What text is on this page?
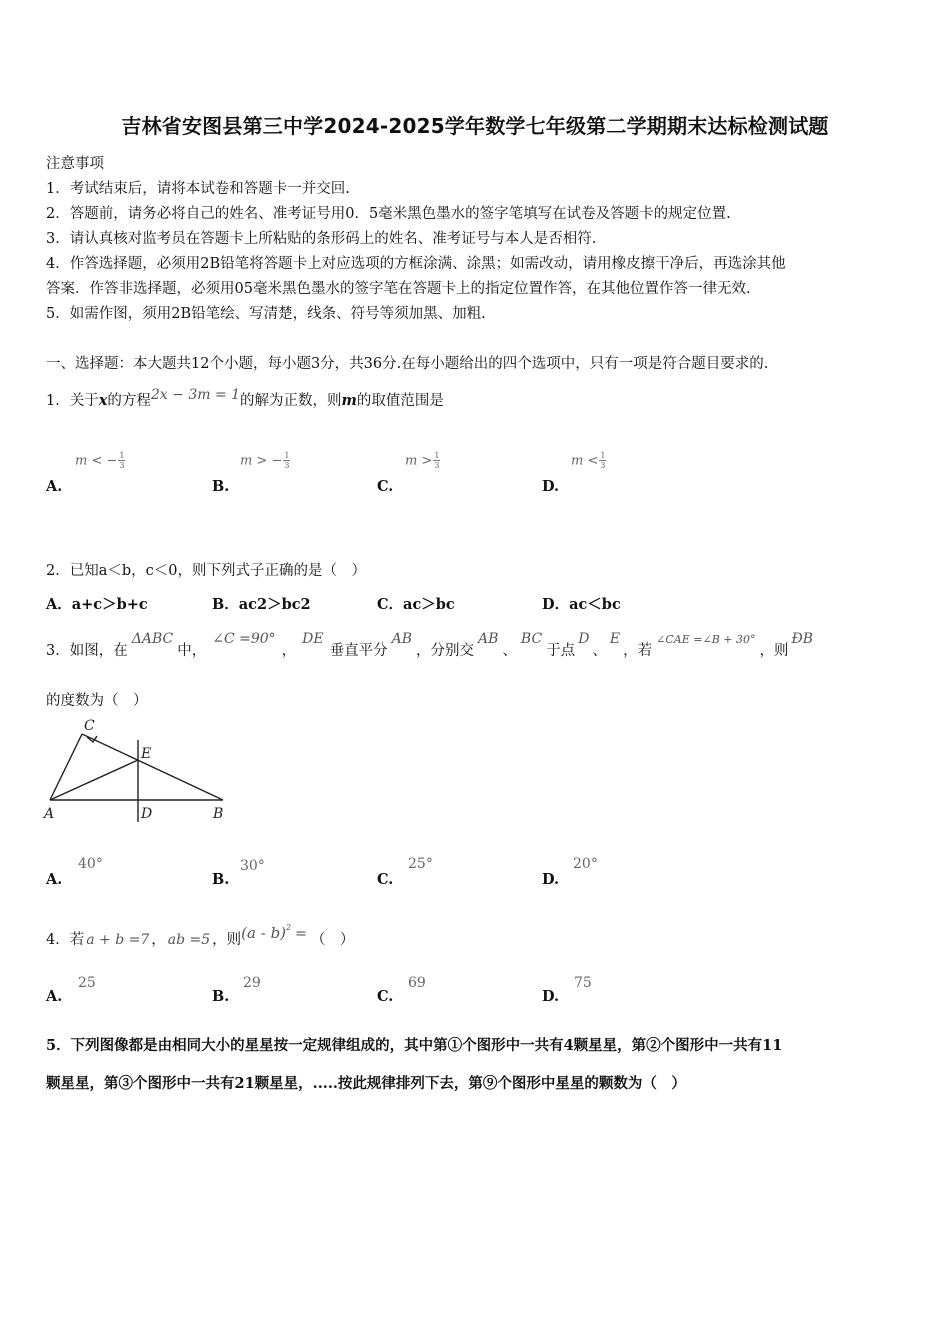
吉林省安图县第三中学2024-2025学年数学七年级第二学期期末达标检测试题
注意事项
1．考试结束后，请将本试卷和答题卡一并交回.
2．答题前，请务必将自己的姓名、准考证号用0．5毫米黑色墨水的签字笔填写在试卷及答题卡的规定位置.
3．请认真核对监考员在答题卡上所粘贴的条形码上的姓名、准考证号与本人是否相符.
4．作答选择题，必须用2B铅笔将答题卡上对应选项的方框涂满、涂黑；如需改动，请用橡皮擦干净后，再选涂其他
答案．作答非选择题，必须用05毫米黑色墨水的签字笔在答题卡上的指定位置作答，在其他位置作答一律无效.
5．如需作图，须用2B铅笔绘、写清楚，线条、符号等须加黑、加粗.
一、选择题：本大题共12个小题，每小题3分，共36分.在每小题给出的四个选项中，只有一项是符合题目要求的.
1．关于x的方程2x − 3m = 1的解为正数，则m的取值范围是
m < − $\frac{1}{3}$	m > − $\frac{1}{3}$	$m > \frac{1}{3}$	$m < \frac{1}{3}$
A.	B.	C.	D.
2．已知a＜b，c＜0，则下列式子正确的是（　）
A．a+c＞b+c	B．ac2＞bc2	C．ac＞bc	D．ac＜bc
3．如图，在ΔABC中，∠C =90°，DE垂直平分AB，分别交AB、BC于点D、E，若$^{\angle CAE =\angle B + 30^\circ}$，则ÐB
的度数为（　）
C
E
A	D	B
40°	30°	25°	20°
A.	B.	C.	D.
4．若 a + b =7 ， ab =5 ，则(a - b)$^2$ = （　）
25	29	69	75
A.	B.	C.	D.
5．下列图像都是由相同大小的星星按一定规律组成的，其中第①个图形中一共有4颗星星，第②个图形中一共有11
颗星星，第③个图形中一共有21颗星星，.....按此规律排列下去，第⑨个图形中星星的颗数为（　）
